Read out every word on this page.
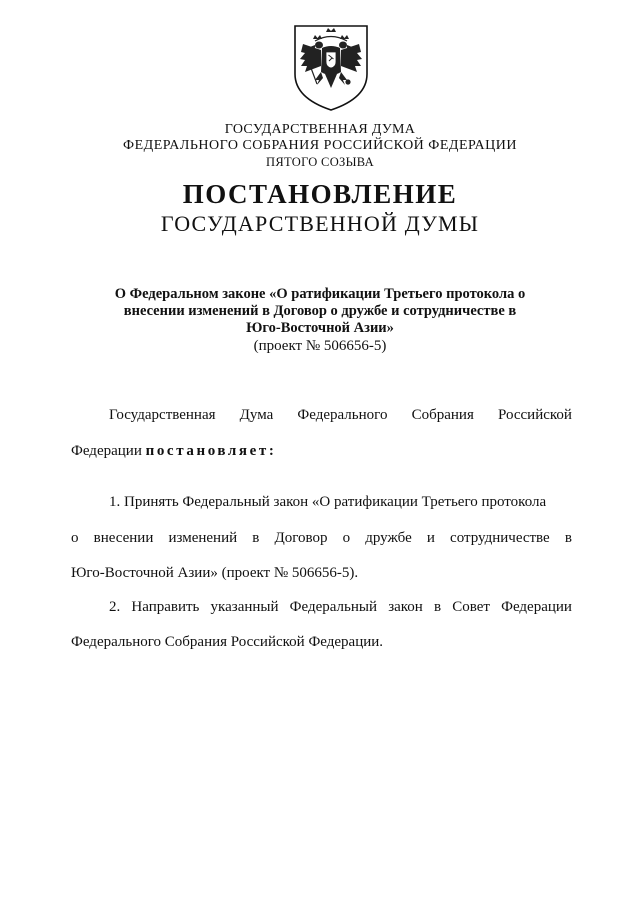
ГОСУДАРСТВЕННАЯ ДУМА
ФЕДЕРАЛЬНОГО СОБРАНИЯ РОССИЙСКОЙ ФЕДЕРАЦИИ
ПЯТОГО СОЗЫВА
ПОСТАНОВЛЕНИЕ
ГОСУДАРСТВЕННОЙ ДУМЫ
О Федеральном законе «О ратификации Третьего протокола о
внесении изменений в Договор о дружбе и сотрудничестве в
Юго-Восточной Азии»
(проект № 506656-5)
Государственная Дума Федерального Собрания Российской
Федерации постановляет:
1. Принять Федеральный закон «О ратификации Третьего протокола
о внесении изменений в Договор о дружбе и сотрудничестве в
Юго-Восточной Азии» (проект № 506656-5).
2. Направить указанный Федеральный закон в Совет Федерации
Федерального Собрания Российской Федерации.
